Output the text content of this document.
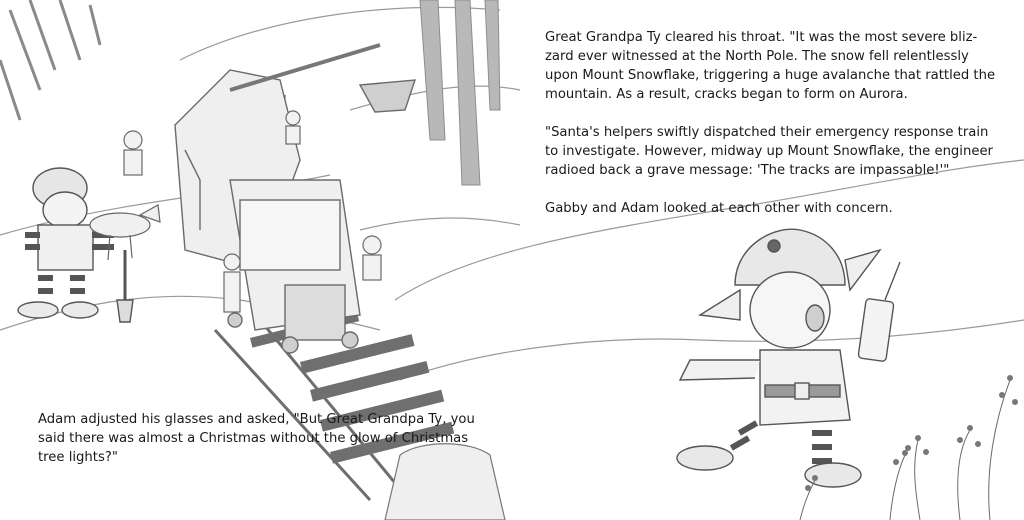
Great Grandpa Ty cleared his throat. "It was the most severe bliz-zard ever witnessed at the North Pole. The snow fell relentlessly upon Mount Snowflake, triggering a huge avalanche that rattled the mountain. As a result, cracks began to form on Aurora.

"Santa's helpers swiftly dispatched their emergency response train to investigate. However, midway up Mount Snowflake, the engineer radioed back a grave message: 'The tracks are impassable!'"

Gabby and Adam looked at each other with concern.

Adam adjusted his glasses and asked, "But Great Grandpa Ty, you said there was almost a Christmas without the glow of Christmas tree lights?"
